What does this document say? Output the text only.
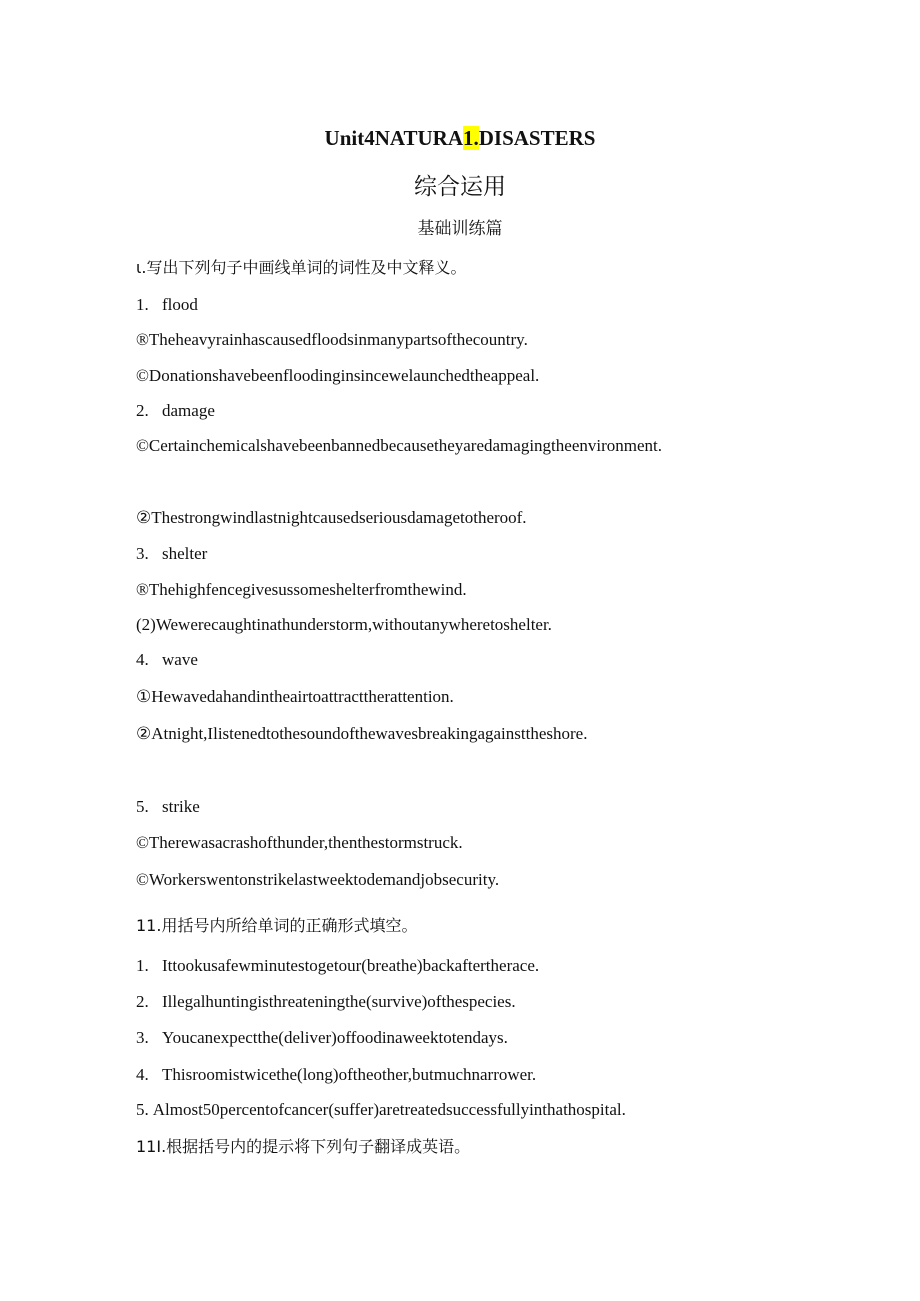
Unit4NATURA1.DISASTERS
综合运用
基础训练篇
ι.写出下列句子中画线单词的词性及中文释义。
1. flood
®Theheavyrainhascausedfloodsinmanypartsofthecountry.
©Donationshavebeenfloodinginsincewelaunchedtheappeal.
2. damage
©Certainchemicalshavebeenbannedbecausetheyaredamagingtheenvironment.
②Thestrongwindlastnightcausedseriousdamagetotheroof.
3. shelter
®Thehighfencegivesussomeshelterfromthewind.
(2)Wewerecaughtinathunderstorm,withoutanywheretoshelter.
4. wave
①Hewavedahandintheairtoattracttherattention.
②Atnight,Ilistenedtothesoundofthewavesbreakingagainsttheshore.
5. strike
©Therewasacrashofthunder,thenthestormstruck.
©Workerswentonstrikelastweektodemandjobsecurity.
11.用括号内所给单词的正确形式填空。
1. Ittookusafewminutestogetour(breathe)backaftertherace.
2. Illegalhuntingisthreateningthe(survive)ofthespecies.
3. Youcanexpectthe(deliver)offoodinaweektotendays.
4. Thisroomistwicethe(long)oftheother,butmuchnarrower.
5. Almost50percentofcancer(suffer)aretreatedsuccessfullyinthathospital.
11I.根据括号内的提示将下列句子翻译成英语。
